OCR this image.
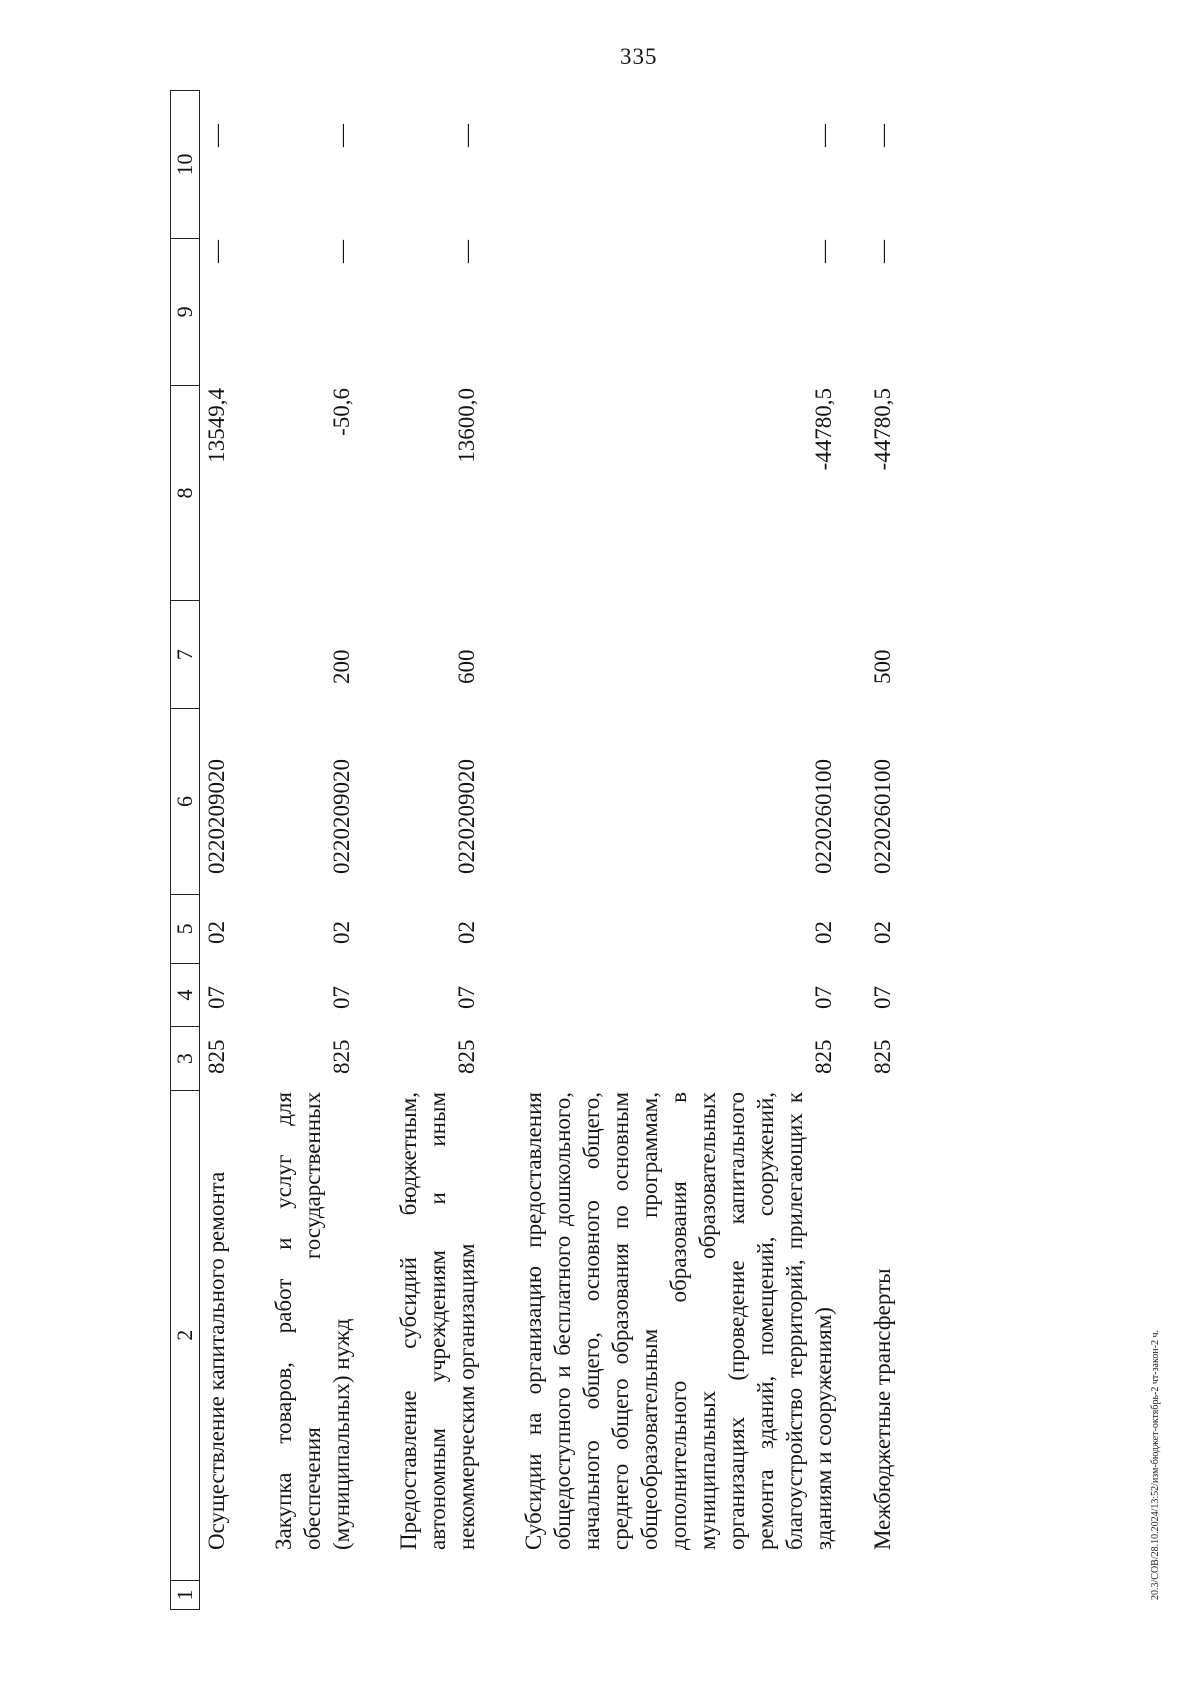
335
20.3/СОВ/28.10.2024/13:52/изм-бюджет-октябрь-2 чт-закон-2 ч.
1
2
3
4
5
6
7
8
9
10
Осуществление капитального ремонта
825
07
02
0220209020
13549,4
—
—
Закупка товаров, работ и услуг для обеспечения государственных (муниципальных) нужд
825
07
02
0220209020
200
-50,6
—
—
Предоставление субсидий бюджетным, автономным учреждениям и иным некоммерческим организациям
825
07
02
0220209020
600
13600,0
—
—
Субсидии на организацию предоставления общедоступного и бесплатного дошкольного, начального общего, основного общего, среднего общего образования по основным общеобразовательным программам, дополнительного образования в муниципальных образовательных организациях (проведение капитального ремонта зданий, помещений, сооружений, благоустройство территорий, прилегающих к зданиям и сооружениям)
825
07
02
0220260100
-44780,5
—
—
Межбюджетные трансферты
825
07
02
0220260100
500
-44780,5
—
—
